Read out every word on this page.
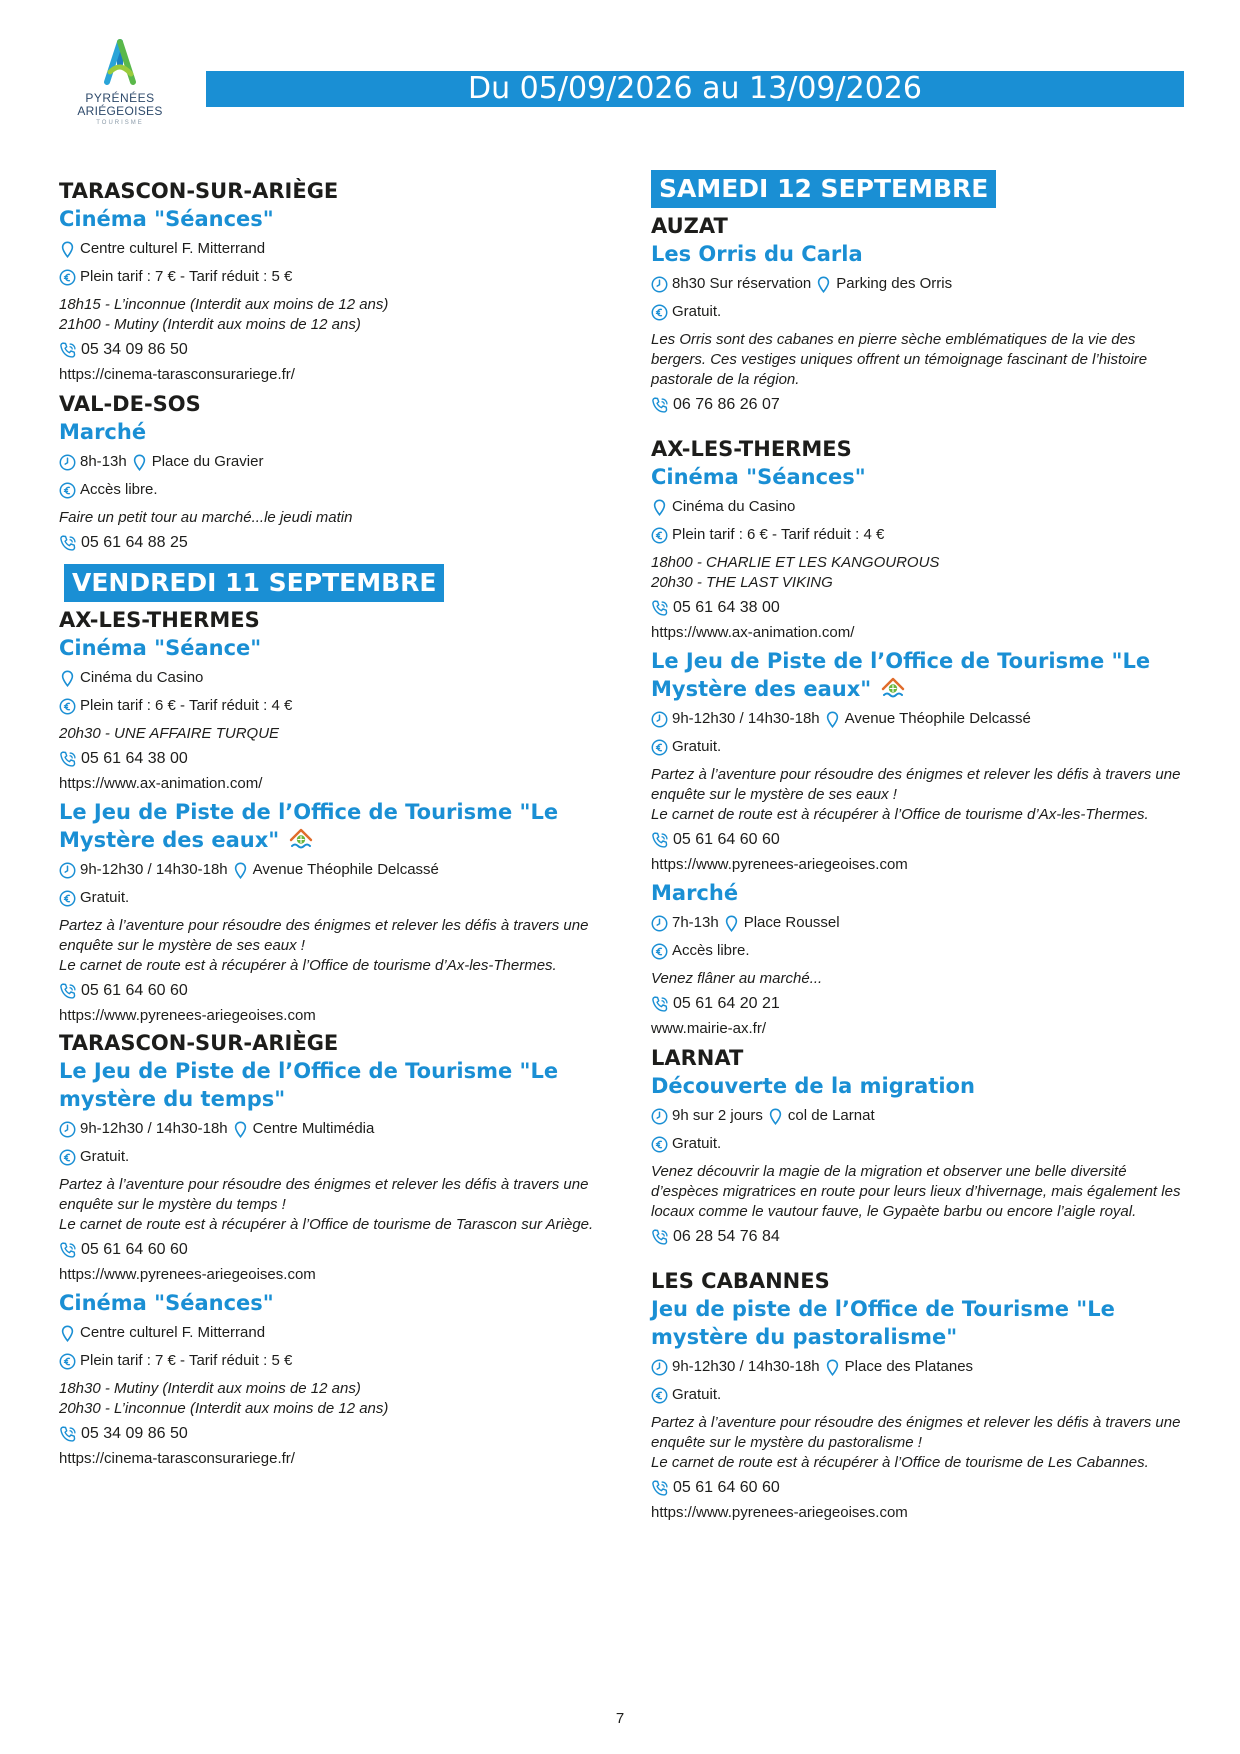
PYRÉNÉES
ARIÉGEOISES
TOURISME
Du 05/09/2026 au 13/09/2026
TARASCON-SUR-ARIÈGE
Cinéma "Séances"
Centre culturel F. Mitterrand
Plein tarif : 7 € - Tarif réduit : 5 €
18h15 - L’inconnue (Interdit aux moins de 12 ans)
21h00 - Mutiny (Interdit aux moins de 12 ans)
05 34 09 86 50
https://cinema-tarasconsurariege.fr/
VAL-DE-SOS
Marché
8h-13h Place du Gravier
Accès libre.
Faire un petit tour au marché...le jeudi matin
05 61 64 88 25
VENDREDI 11 SEPTEMBRE
AX-LES-THERMES
Cinéma "Séance"
Cinéma du Casino
Plein tarif : 6 € - Tarif réduit : 4 €
20h30 - UNE AFFAIRE TURQUE
05 61 64 38 00
https://www.ax-animation.com/
Le Jeu de Piste de l’Office de Tourisme "Le Mystère des eaux"
9h-12h30 / 14h30-18h Avenue Théophile Delcassé
Gratuit.
Partez à l’aventure pour résoudre des énigmes et relever les défis à travers une enquête sur le mystère de ses eaux !
Le carnet de route est à récupérer à l’Office de tourisme d’Ax-les-Thermes.
05 61 64 60 60
https://www.pyrenees-ariegeoises.com
TARASCON-SUR-ARIÈGE
Le Jeu de Piste de l’Office de Tourisme "Le mystère du temps"
9h-12h30 / 14h30-18h Centre Multimédia
Gratuit.
Partez à l’aventure pour résoudre des énigmes et relever les défis à travers une enquête sur le mystère du temps !
Le carnet de route est à récupérer à l’Office de tourisme de Tarascon sur Ariège.
05 61 64 60 60
https://www.pyrenees-ariegeoises.com
Cinéma "Séances"
Centre culturel F. Mitterrand
Plein tarif : 7 € - Tarif réduit : 5 €
18h30 - Mutiny (Interdit aux moins de 12 ans)
20h30 - L’inconnue (Interdit aux moins de 12 ans)
05 34 09 86 50
https://cinema-tarasconsurariege.fr/
SAMEDI 12 SEPTEMBRE
AUZAT
Les Orris du Carla
8h30 Sur réservation Parking des Orris
Gratuit.
Les Orris sont des cabanes en pierre sèche emblématiques de la vie des bergers. Ces vestiges uniques offrent un témoignage fascinant de l’histoire pastorale de la région.
06 76 86 26 07
AX-LES-THERMES
Cinéma "Séances"
Cinéma du Casino
Plein tarif : 6 € - Tarif réduit : 4 €
18h00 - CHARLIE ET LES KANGOUROUS
20h30 - THE LAST VIKING
05 61 64 38 00
https://www.ax-animation.com/
Le Jeu de Piste de l’Office de Tourisme "Le Mystère des eaux"
9h-12h30 / 14h30-18h Avenue Théophile Delcassé
Gratuit.
Partez à l’aventure pour résoudre des énigmes et relever les défis à travers une enquête sur le mystère de ses eaux !
Le carnet de route est à récupérer à l’Office de tourisme d’Ax-les-Thermes.
05 61 64 60 60
https://www.pyrenees-ariegeoises.com
Marché
7h-13h Place Roussel
Accès libre.
Venez flâner au marché...
05 61 64 20 21
www.mairie-ax.fr/
LARNAT
Découverte de la migration
9h sur 2 jours col de Larnat
Gratuit.
Venez découvrir la magie de la migration et observer une belle diversité d’espèces migratrices en route pour leurs lieux d’hivernage, mais également les locaux comme le vautour fauve, le Gypaète barbu ou encore l’aigle royal.
06 28 54 76 84
LES CABANNES
Jeu de piste de l’Office de Tourisme "Le mystère du pastoralisme"
9h-12h30 / 14h30-18h Place des Platanes
Gratuit.
Partez à l’aventure pour résoudre des énigmes et relever les défis à travers une enquête sur le mystère du pastoralisme !
Le carnet de route est à récupérer à l’Office de tourisme de Les Cabannes.
05 61 64 60 60
https://www.pyrenees-ariegeoises.com
7
